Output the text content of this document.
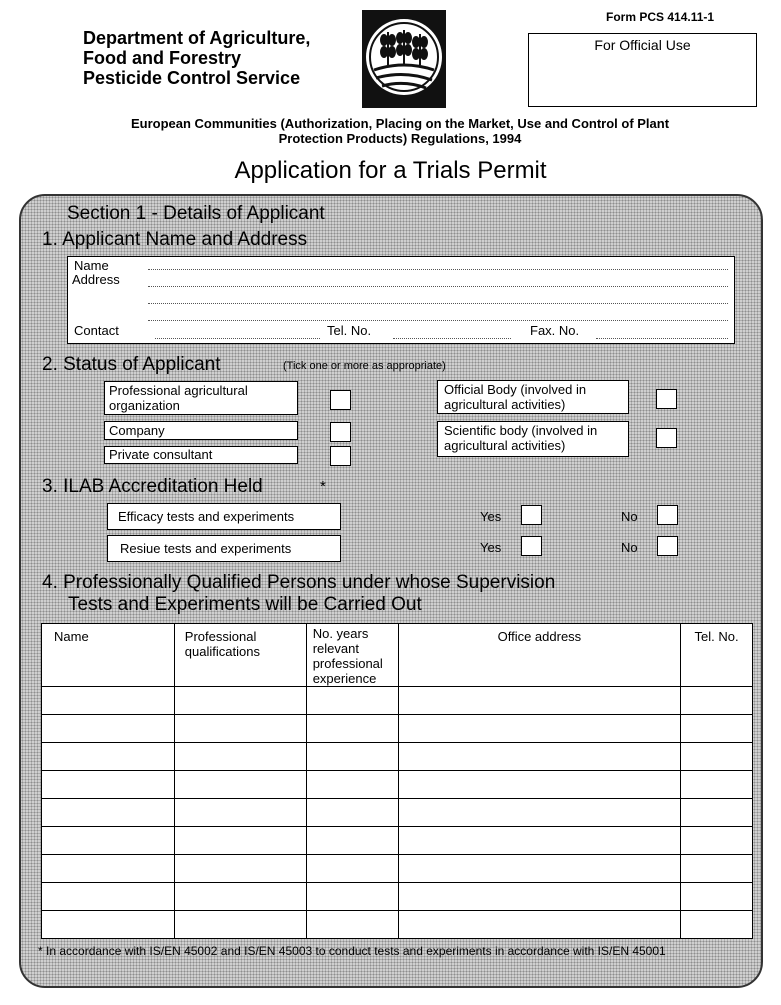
Department of Agriculture,
Food and Forestry
Pesticide Control Service
Form PCS 414.11-1
For Official Use
European Communities (Authorization, Placing on the Market, Use and Control of Plant
Protection Products) Regulations, 1994
Application for a Trials Permit
Section 1 - Details of Applicant
1. Applicant Name and Address
Name
Address
Contact	Tel. No.	Fax. No.
2. Status of Applicant	(Tick one or more as appropriate)
Professional agricultural organization
Company
Private consultant
Official Body (involved in agricultural activities)
Scientific body (involved in agricultural activities)
3. ILAB Accreditation Held	*
Efficacy tests and experiments	Yes	No
Resiue tests and experiments	Yes	No
4. Professionally Qualified Persons under whose Supervision
Tests and Experiments will be Carried Out
Name	Professional qualifications	No. years relevant professional experience	Office address	Tel. No.

* In accordance with IS/EN 45002 and IS/EN 45003 to conduct tests and experiments in accordance with IS/EN 45001
